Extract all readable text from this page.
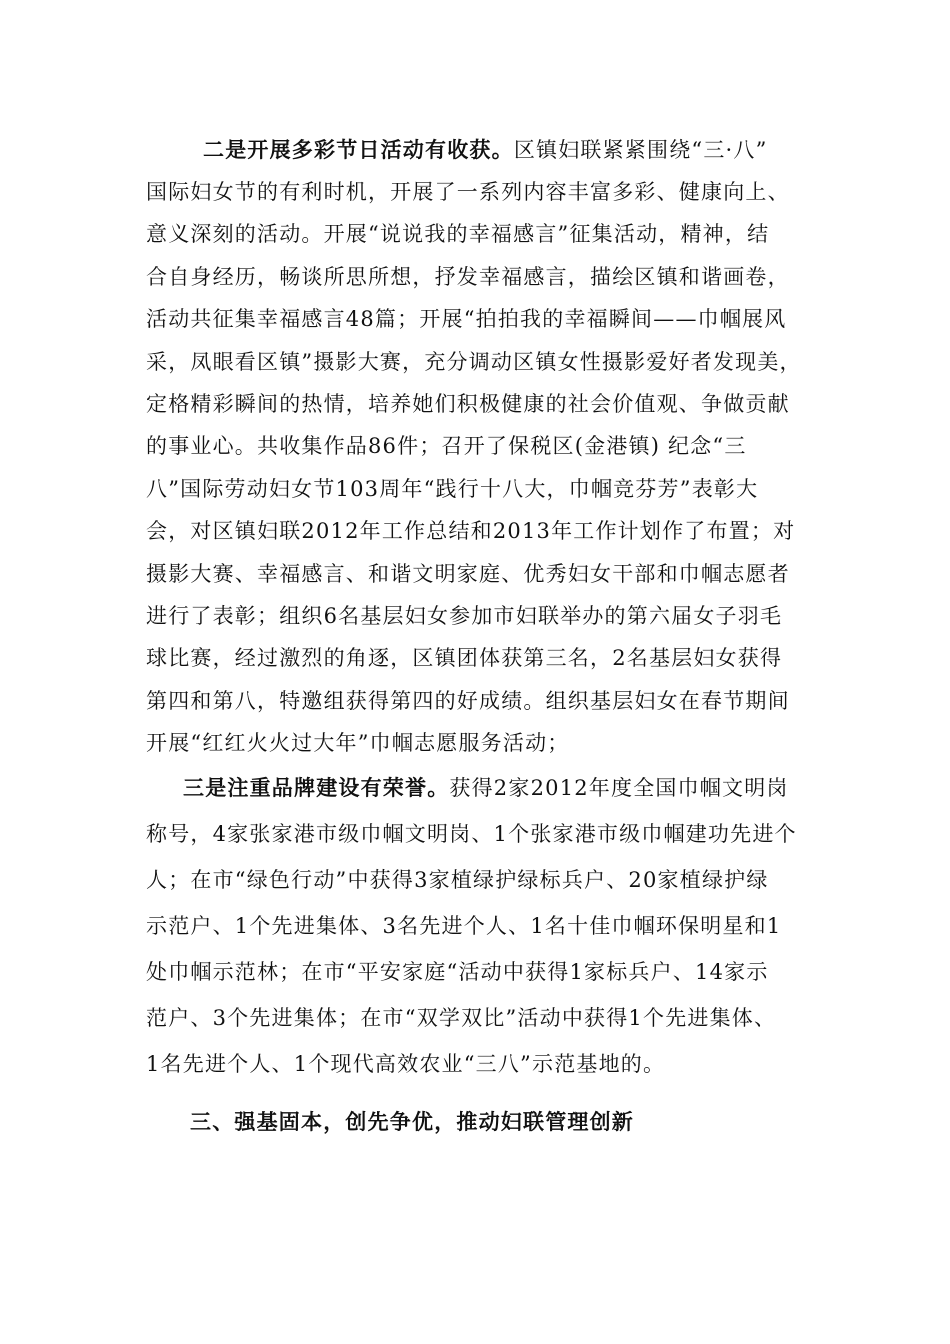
二是开展多彩节日活动有收获。区镇妇联紧紧围绕“三·八”
国际妇女节的有利时机，开展了一系列内容丰富多彩、健康向上、
意义深刻的活动。开展“说说我的幸福感言”征集活动，精神，结
合自身经历，畅谈所思所想，抒发幸福感言，描绘区镇和谐画卷，
活动共征集幸福感言48篇；开展“拍拍我的幸福瞬间——巾帼展风
采，凤眼看区镇”摄影大赛，充分调动区镇女性摄影爱好者发现美，
定格精彩瞬间的热情，培养她们积极健康的社会价值观、争做贡献
的事业心。共收集作品86件；召开了保税区(金港镇) 纪念“三
八”国际劳动妇女节103周年“践行十八大，巾帼竞芬芳”表彰大
会，对区镇妇联2012年工作总结和2013年工作计划作了布置；对
摄影大赛、幸福感言、和谐文明家庭、优秀妇女干部和巾帼志愿者
进行了表彰；组织6名基层妇女参加市妇联举办的第六届女子羽毛
球比赛，经过激烈的角逐，区镇团体获第三名，2名基层妇女获得
第四和第八，特邀组获得第四的好成绩。组织基层妇女在春节期间
开展“红红火火过大年”巾帼志愿服务活动；
三是注重品牌建设有荣誉。获得2家2012年度全国巾帼文明岗
称号，4家张家港市级巾帼文明岗、1个张家港市级巾帼建功先进个
人；在市“绿色行动”中获得3家植绿护绿标兵户、20家植绿护绿
示范户、1个先进集体、3名先进个人、1名十佳巾帼环保明星和1
处巾帼示范林；在市“平安家庭“活动中获得1家标兵户、14家示
范户、3个先进集体；在市“双学双比”活动中获得1个先进集体、
1名先进个人、1个现代高效农业“三八”示范基地的。
三、强基固本，创先争优，推动妇联管理创新
